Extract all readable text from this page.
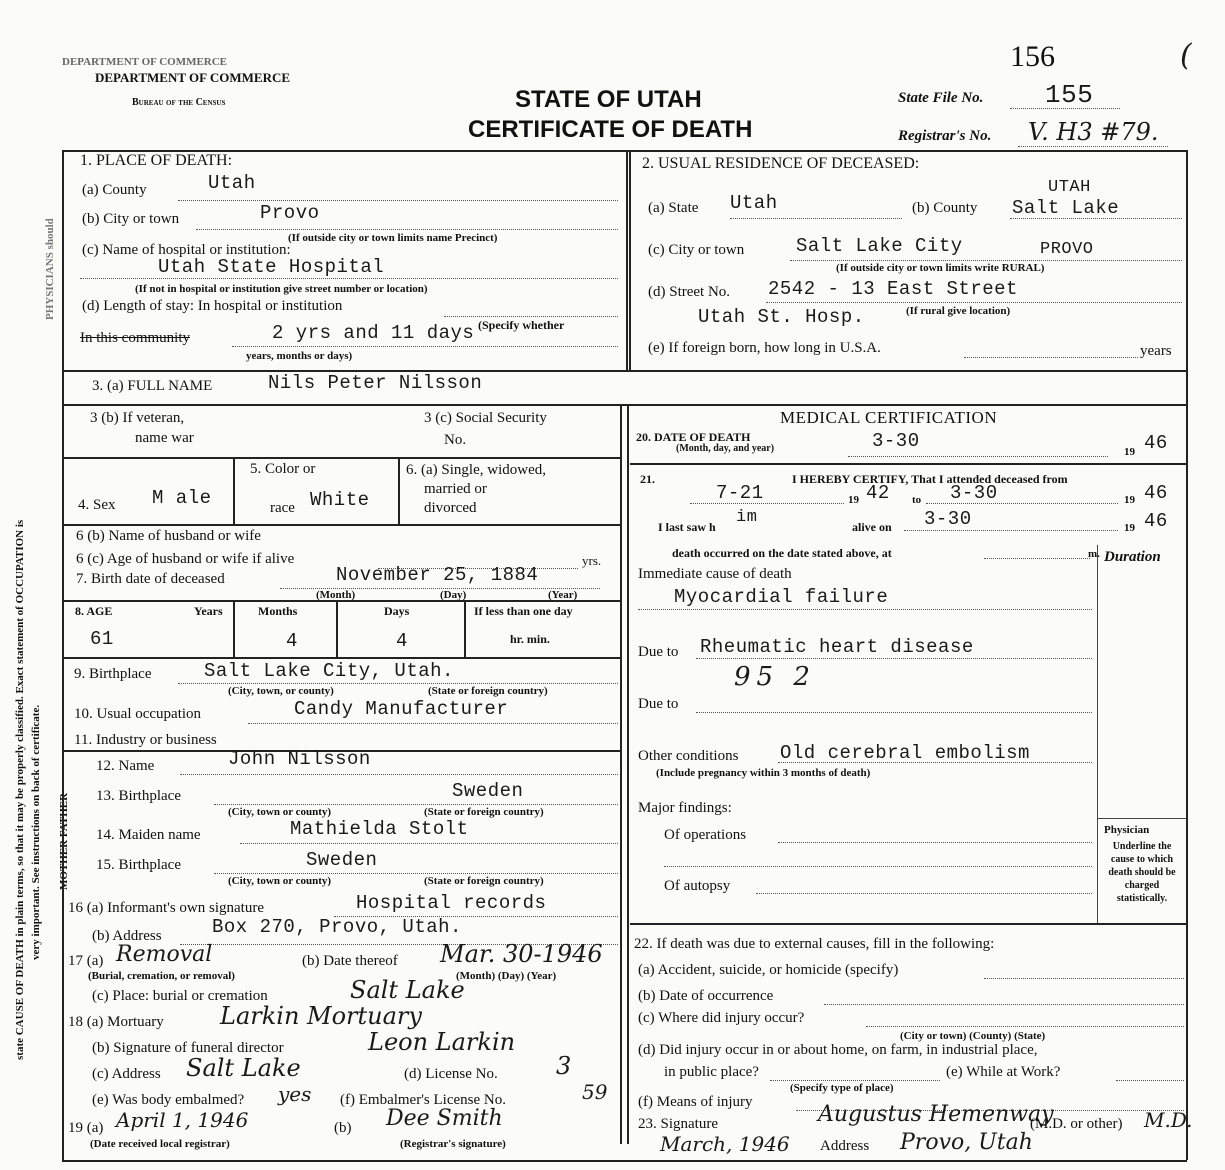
DEPARTMENT OF COMMERCE
DEPARTMENT OF COMMERCE
Bureau of the Census
156	(
STATE OF UTAH
CERTIFICATE OF DEATH
State File No. 155
Registrar's No. V. H3 #79.
state CAUSE OF DEATH in plain terms, so that it may be properly classified. Exact statement of OCCUPATION is very important. See instructions on back of certificate.
PHYSICIANS should
MOTHER FATHER
1. PLACE OF DEATH:
(a) County	Utah
(b) City or town	Provo
(If outside city or town limits name Precinct)
(c) Name of hospital or institution:
Utah State Hospital
(If not in hospital or institution give street number or location)
(d) Length of stay: In hospital or institution
In this community	2 yrs and 11 days (Specify whether
years, months or days)
2. USUAL RESIDENCE OF DECEASED:
UTAH
(a) State Utah	(b) County Salt Lake
(c) City or town	Salt Lake City	PROVO
(If outside city or town limits write RURAL)
(d) Street No. 2542 - 13 East Street
Utah St. Hosp.	(If rural give location)
(e) If foreign born, how long in U.S.A.	years
3. (a) FULL NAME	Nils Peter Nilsson
3 (b) If veteran,
name war
3 (c) Social Security
No.
4. Sex M ale
5. Color or
race White
6. (a) Single, widowed,
married or
divorced
6 (b) Name of husband or wife
6 (c) Age of husband or wife if alive	yrs.
7. Birth date of deceased	November 25, 1884
(Month)	(Day)	(Year)
8. AGE	Years	Months	Days	If less than one day
hr. min.
61	4	4
9. Birthplace	Salt Lake City, Utah.
(City, town, or county)	(State or foreign country)
10. Usual occupation	Candy Manufacturer
11. Industry or business
12. Name	John Nilsson
13. Birthplace	Sweden
(City, town or county)	(State or foreign country)
14. Maiden name	Mathielda Stolt
15. Birthplace	Sweden
(City, town or county)	(State or foreign country)
16 (a) Informant's own signature	Hospital records
(b) Address	Box 270, Provo, Utah.
17 (a) Removal
(Burial, cremation, or removal)
(b) Date thereof Mar. 30-1946
(Month) (Day) (Year)
(c) Place: burial or cremation	Salt Lake
18 (a) Mortuary Larkin Mortuary
(b) Signature of funeral director	Leon Larkin
(c) Address Salt Lake	(d) License No. 3
(e) Was body embalmed? yes (f) Embalmer's License No.	59
19 (a) April 1, 1946	(b) Dee Smith
(Date received local registrar)	(Registrar's signature)
MEDICAL CERTIFICATION
20. DATE OF DEATH
(Month, day, and year)	3-30	19 46
21.	I HEREBY CERTIFY, That I attended deceased from
7-21	19 42 to 3-30	19 46
I last saw h im	alive on 3-30	19 46
death occurred on the date stated above, at	m. Duration
Immediate cause of death
Myocardial failure
Due to Rheumatic heart disease
95 2
Due to
Other conditions Old cerebral embolism
(Include pregnancy within 3 months of death)
Major findings:
Of operations
Of autopsy
Physician
Underline the cause to which death should be charged statistically.
22. If death was due to external causes, fill in the following:
(a) Accident, suicide, or homicide (specify)
(b) Date of occurrence
(c) Where did injury occur?
(City or town) (County) (State)
(d) Did injury occur in or about home, on farm, in industrial place,
in public place?
(Specify type of place)
(e) While at Work?
(f) Means of injury
23. Signature	Augustus Hemenway
(M.D. or other) M.D.
March, 1946 Address Provo, Utah
